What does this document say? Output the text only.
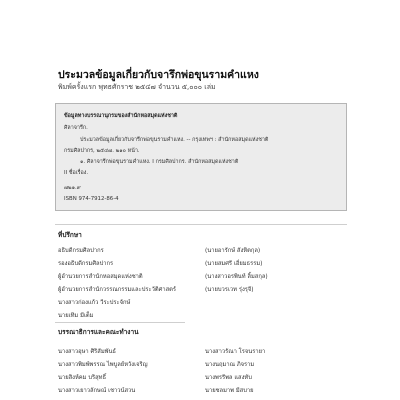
ประมวลข้อมูลเกี่ยวกับจารึกพ่อขุนรามคำแหง
พิมพ์ครั้งแรก พุทธศักราช ๒๕๔๗ จำนวน ๕,๐๐๐ เล่ม
ข้อมูลทางบรรณานุกรมของสำนักหอสมุดแห่งชาติ
ศิลาจารึก.
ประมวลข้อมูลเกี่ยวกับจารึกพ่อขุนรามคำแหง. -- กรุงเทพฯ : สำนักหอสมุดแห่งชาติ
กรมศิลปากร, ๒๕๔๗. ๒๑๐ หน้า.
๑. ศิลาจารึกพ่อขุนรามคำแหง. I กรมศิลปากร. สำนักหอสมุดแห่งชาติ
II ชื่อเรื่อง.
๗๒๑.๙
ISBN 974-7912-86-4
ที่ปรึกษา
อธิบดีกรมศิลปากร	(นายอารักษ์ สังหิตกุล)
รองอธิบดีกรมศิลปากร	(นายสมศรี เอี่ยมธรรม)
ผู้อำนวยการสำนักหอสมุดแห่งชาติ	(นางสาวอรพินท์ ลิ้มสกุล)
ผู้อำนวยการสำนักวรรณกรรมและประวัติศาสตร์	(นายบวรเวท รุ่งรุจี)
นางสาวก่องแก้ว วีระประจักษ์
นายเทิม มีเต็ม
บรรณาธิการและคณะทำงาน
นางสาวอุษา ศิริสัมพันธ์	นางสาวรัณา โรจนรายา
นางสาวพิมพ์พรรณ ไพบูลย์หวังเจริญ	นางนฤมาณ ภิจราม
นายสิงห์คม บริสุทธิ์	นางพรรีพล แสงทับ
นางสาวเยาวลักษณ์ เชาวน์สวน	นายชลมาพ มีสบาย
